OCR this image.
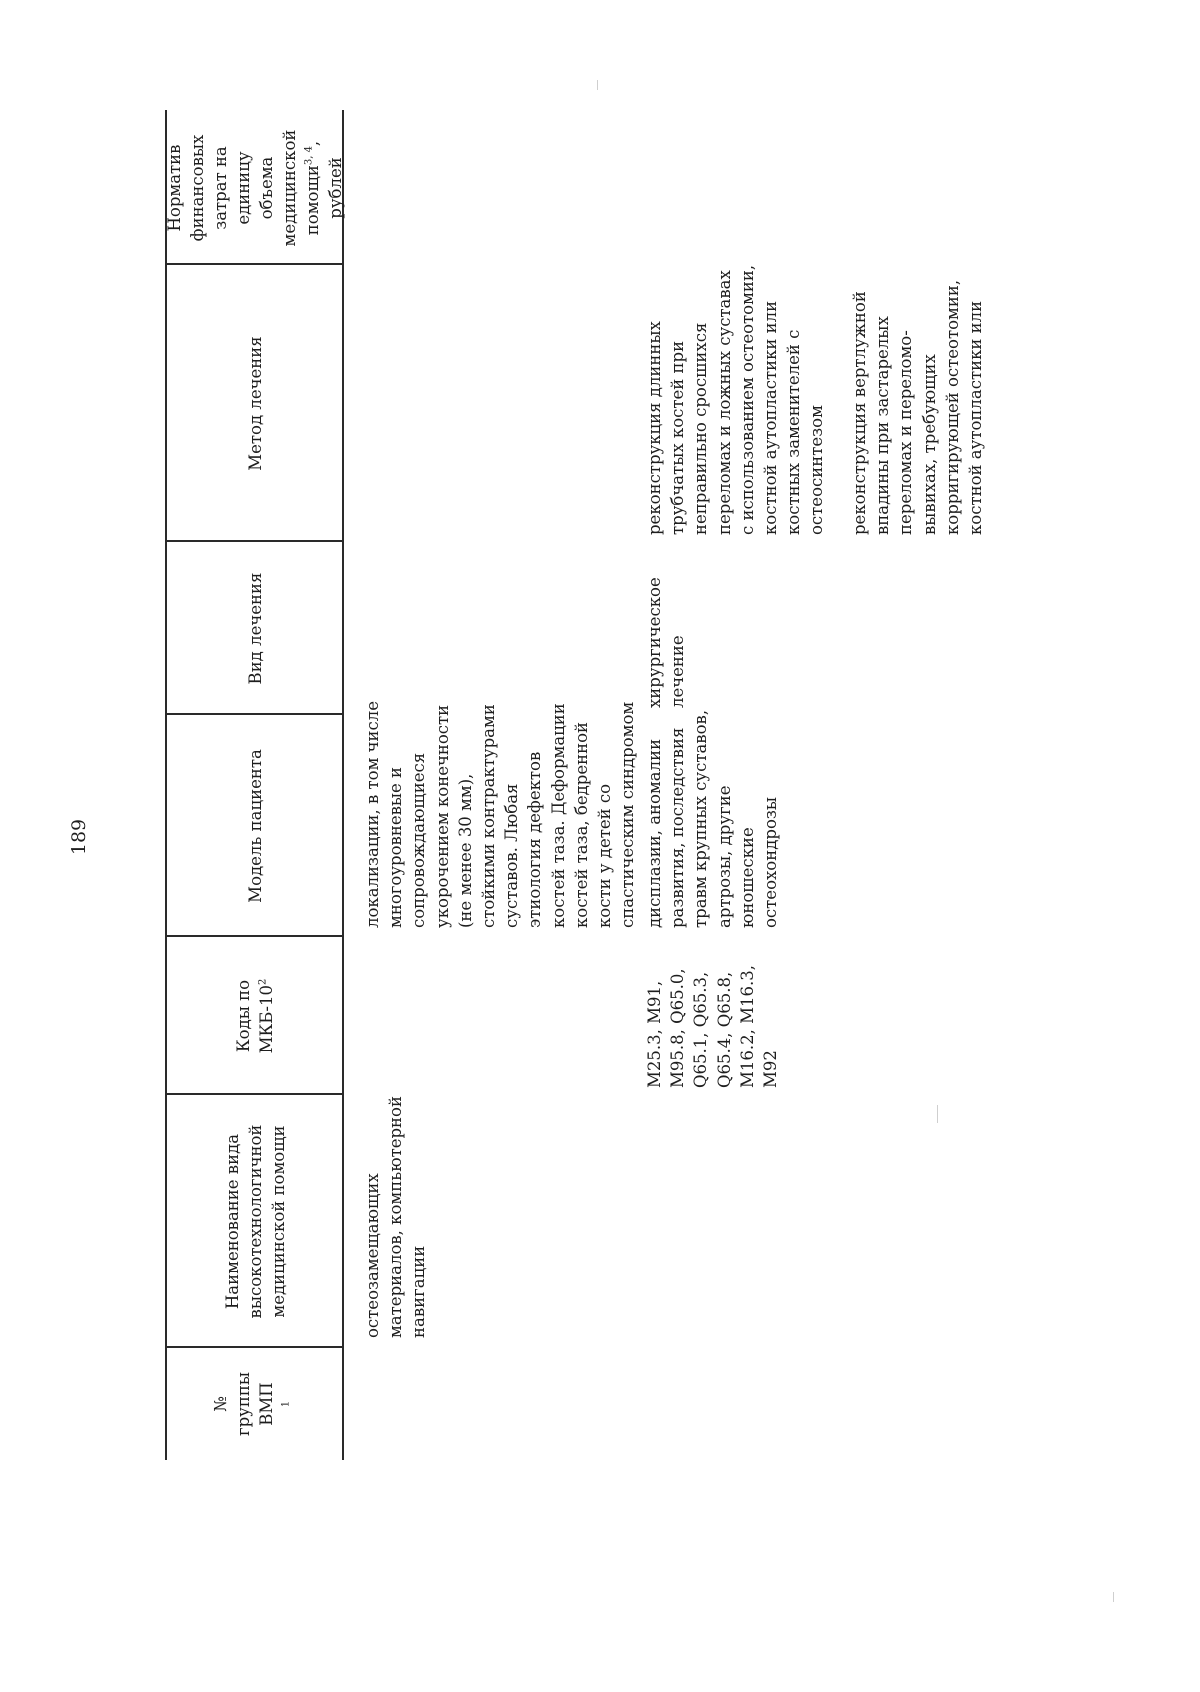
189
№ группы ВМП $^1$
Наименование вида высокотехнологичной медицинской помощи
Коды по МКБ-$10^2$
Модель пациента
Вид лечения
Метод лечения
Норматив финансовых затрат на единицу объема медицинской помощи$^{3, 4}$, рублей
остеозамещающих
материалов, компьютерной
навигации
локализации, в том числе
многоуровневые и
сопровождающиеся
укорочением конечности
(не менее 30 мм),
стойкими контрактурами
суставов. Любая
этиология дефектов
костей таза. Деформации
костей таза, бедренной
кости у детей со
спастическим синдромом
M25.3, M91,
M95.8, Q65.0,
Q65.1, Q65.3,
Q65.4, Q65.8,
M16.2, M16.3,
M92
дисплазии, аномалии
развития, последствия
травм крупных суставов,
артрозы, другие
юношеские
остеохондрозы
хирургическое
лечение
реконструкция длинных
трубчатых костей при
неправильно сросшихся
переломах и ложных суставах
с использованием остеотомии,
костной аутопластики или
костных заменителей с
остеосинтезом реконструкция вертлужной
впадины при застарелых
переломах и переломо-
вывихах, требующих
корригирующей остеотомии,
костной аутопластики или
